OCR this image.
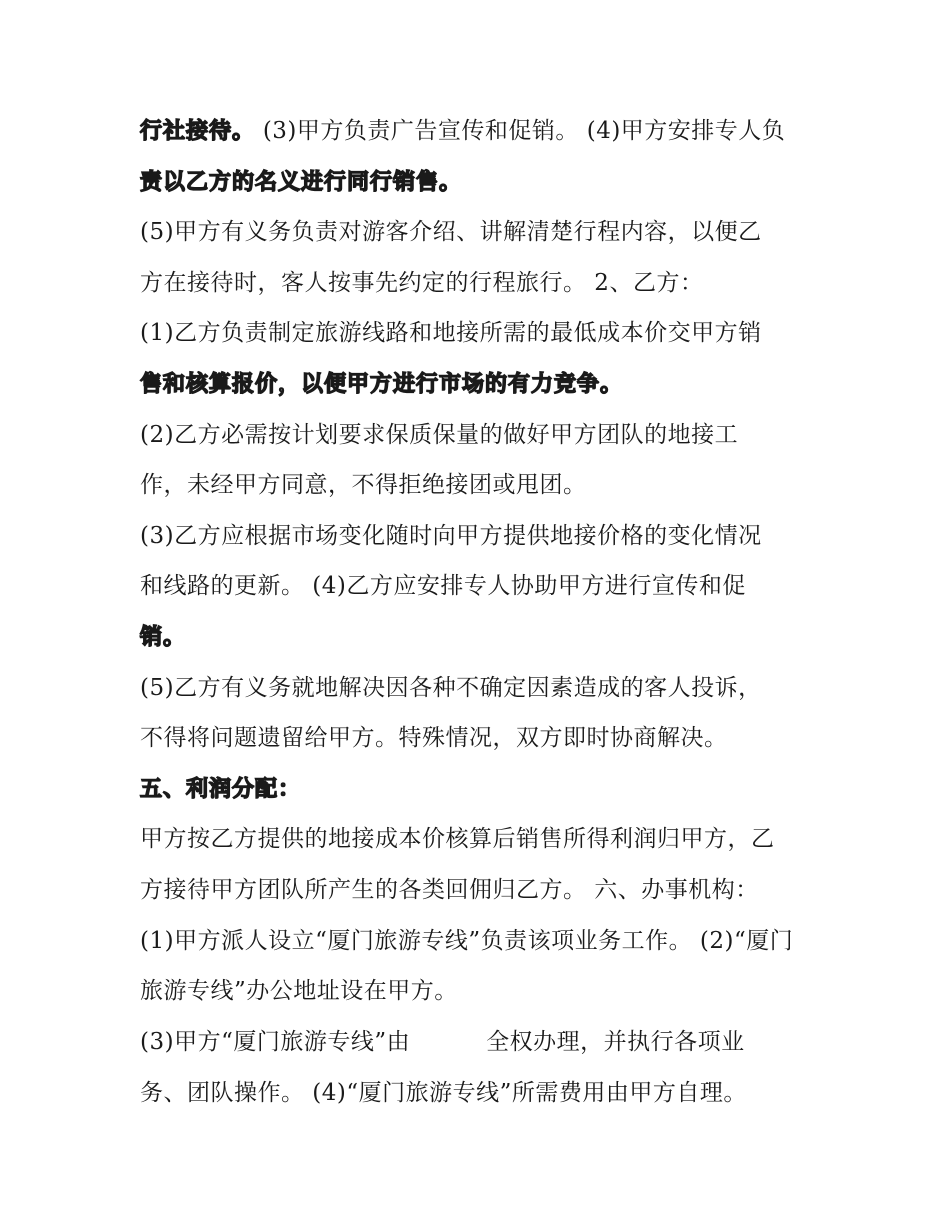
行社接待。 (3)甲方负责广告宣传和促销。 (4)甲方安排专人负
责以乙方的名义进行同行销售。
(5)甲方有义务负责对游客介绍、讲解清楚行程内容，以便乙
方在接待时，客人按事先约定的行程旅行。 2、乙方：
(1)乙方负责制定旅游线路和地接所需的最低成本价交甲方销
售和核算报价，以便甲方进行市场的有力竞争。
(2)乙方必需按计划要求保质保量的做好甲方团队的地接工
作，未经甲方同意，不得拒绝接团或甩团。
(3)乙方应根据市场变化随时向甲方提供地接价格的变化情况
和线路的更新。 (4)乙方应安排专人协助甲方进行宣传和促
销。
(5)乙方有义务就地解决因各种不确定因素造成的客人投诉，
不得将问题遗留给甲方。特殊情况，双方即时协商解决。
五、利润分配：
甲方按乙方提供的地接成本价核算后销售所得利润归甲方，乙
方接待甲方团队所产生的各类回佣归乙方。 六、办事机构：
(1)甲方派人设立“厦门旅游专线”负责该项业务工作。 (2)“厦门
旅游专线”办公地址设在甲方。
(3)甲方“厦门旅游专线”由	全权办理，并执行各项业
务、团队操作。 (4)“厦门旅游专线”所需费用由甲方自理。
